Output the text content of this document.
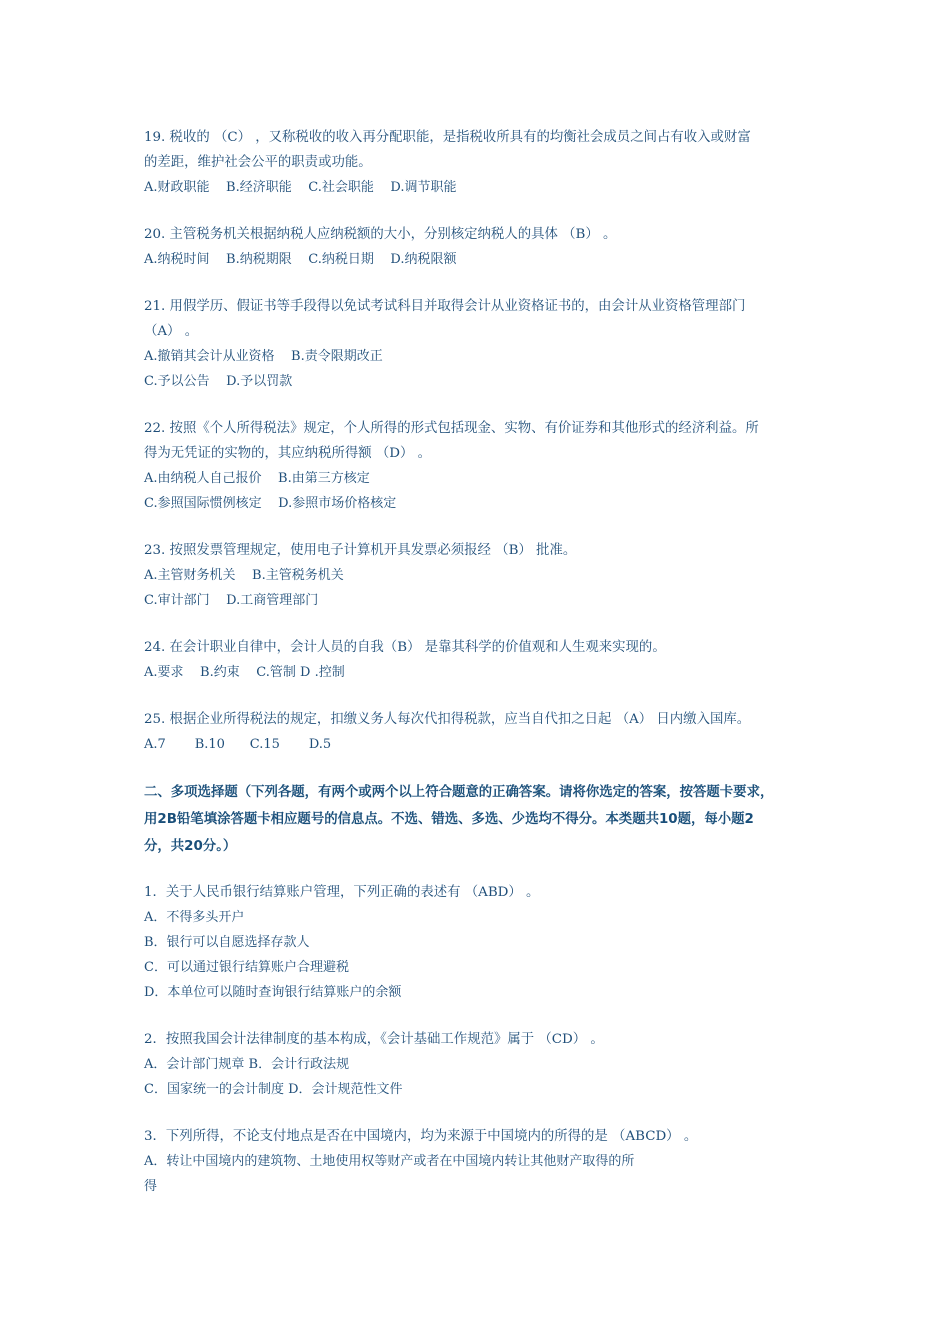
19. 税收的 （C） ，又称税收的收入再分配职能，是指税收所具有的均衡社会成员之间占有收入或财富
的差距，维护社会公平的职责或功能。
A.财政职能    B.经济职能    C.社会职能    D.调节职能
20. 主管税务机关根据纳税人应纳税额的大小，分别核定纳税人的具体 （B） 。
A.纳税时间    B.纳税期限    C.纳税日期    D.纳税限额
21. 用假学历、假证书等手段得以免试考试科目并取得会计从业资格证书的，由会计从业资格管理部门
（A） 。
A.撤销其会计从业资格    B.责令限期改正
C.予以公告    D.予以罚款
22. 按照《个人所得税法》规定，个人所得的形式包括现金、实物、有价证券和其他形式的经济利益。所
得为无凭证的实物的，其应纳税所得额 （D） 。
A.由纳税人自己报价    B.由第三方核定
C.参照国际惯例核定    D.参照市场价格核定
23. 按照发票管理规定，使用电子计算机开具发票必须报经 （B） 批准。
A.主管财务机关    B.主管税务机关
C.审计部门    D.工商管理部门
24. 在会计职业自律中，会计人员的自我（B） 是靠其科学的价值观和人生观来实现的。
A.要求    B.约束    C.管制 D .控制
25. 根据企业所得税法的规定，扣缴义务人每次代扣得税款，应当自代扣之日起 （A） 日内缴入国库。
A.7       B.10      C.15       D.5
二、多项选择题（下列各题，有两个或两个以上符合题意的正确答案。请将你选定的答案，按答题卡要求，
用2B铅笔填涂答题卡相应题号的信息点。不选、错选、多选、少选均不得分。本类题共10题，每小题2
分，共20分。）
1．关于人民币银行结算账户管理，下列正确的表述有 （ABD） 。
A．不得多头开户
B．银行可以自愿选择存款人
C．可以通过银行结算账户合理避税
D．本单位可以随时查询银行结算账户的余额
2．按照我国会计法律制度的基本构成，《会计基础工作规范》属于 （CD） 。
A．会计部门规章 B．会计行政法规
C．国家统一的会计制度 D．会计规范性文件
3．下列所得，不论支付地点是否在中国境内，均为来源于中国境内的所得的是 （ABCD） 。
A．转让中国境内的建筑物、土地使用权等财产或者在中国境内转让其他财产取得的所
得
